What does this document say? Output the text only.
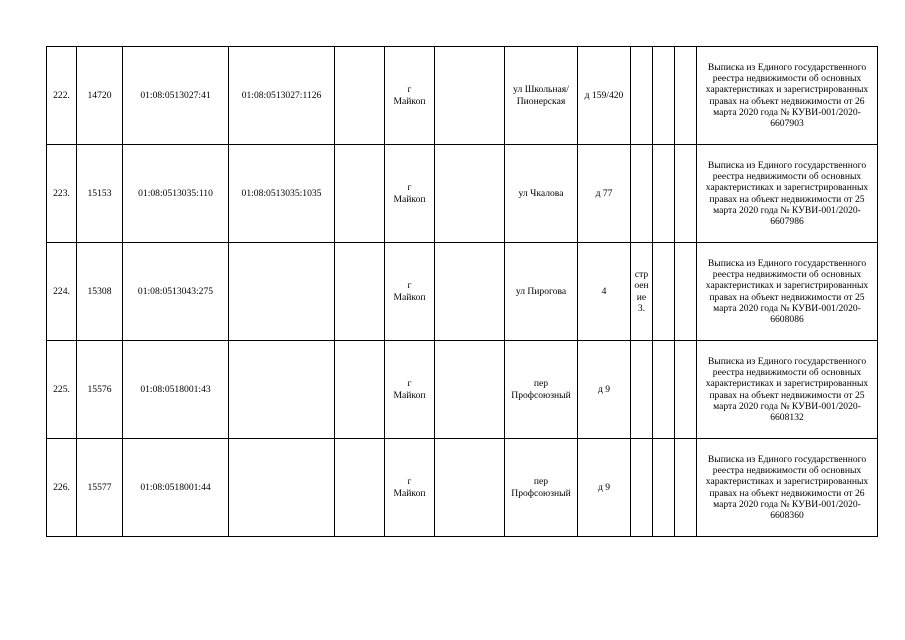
222.	14720	01:08:0513027:41	01:08:0513027:1126		г
Майкоп		ул Школьная/Пионерская	д 159/420				Выписка из Единого государственного реестра недвижимости об основных характеристиках и зарегистрированных правах на объект недвижимости от 26 марта 2020 года № КУВИ-001/2020-6607903
223.	15153	01:08:0513035:110	01:08:0513035:1035		г
Майкоп		ул Чкалова	д 77				Выписка из Единого государственного реестра недвижимости об основных характеристиках и зарегистрированных правах на объект недвижимости от 25 марта 2020 года № КУВИ-001/2020-6607986
224.	15308	01:08:0513043:275			г
Майкоп		ул Пирогова	4	строение 3.			Выписка из Единого государственного реестра недвижимости об основных характеристиках и зарегистрированных правах на объект недвижимости от 25 марта 2020 года № КУВИ-001/2020-6608086
225.	15576	01:08:0518001:43			г
Майкоп		пер Профсоюзный	д 9				Выписка из Единого государственного реестра недвижимости об основных характеристиках и зарегистрированных правах на объект недвижимости от 25 марта 2020 года № КУВИ-001/2020-6608132
226.	15577	01:08:0518001:44			г
Майкоп		пер Профсоюзный	д 9				Выписка из Единого государственного реестра недвижимости об основных характеристиках и зарегистрированных правах на объект недвижимости от 26 марта 2020 года № КУВИ-001/2020-6608360
